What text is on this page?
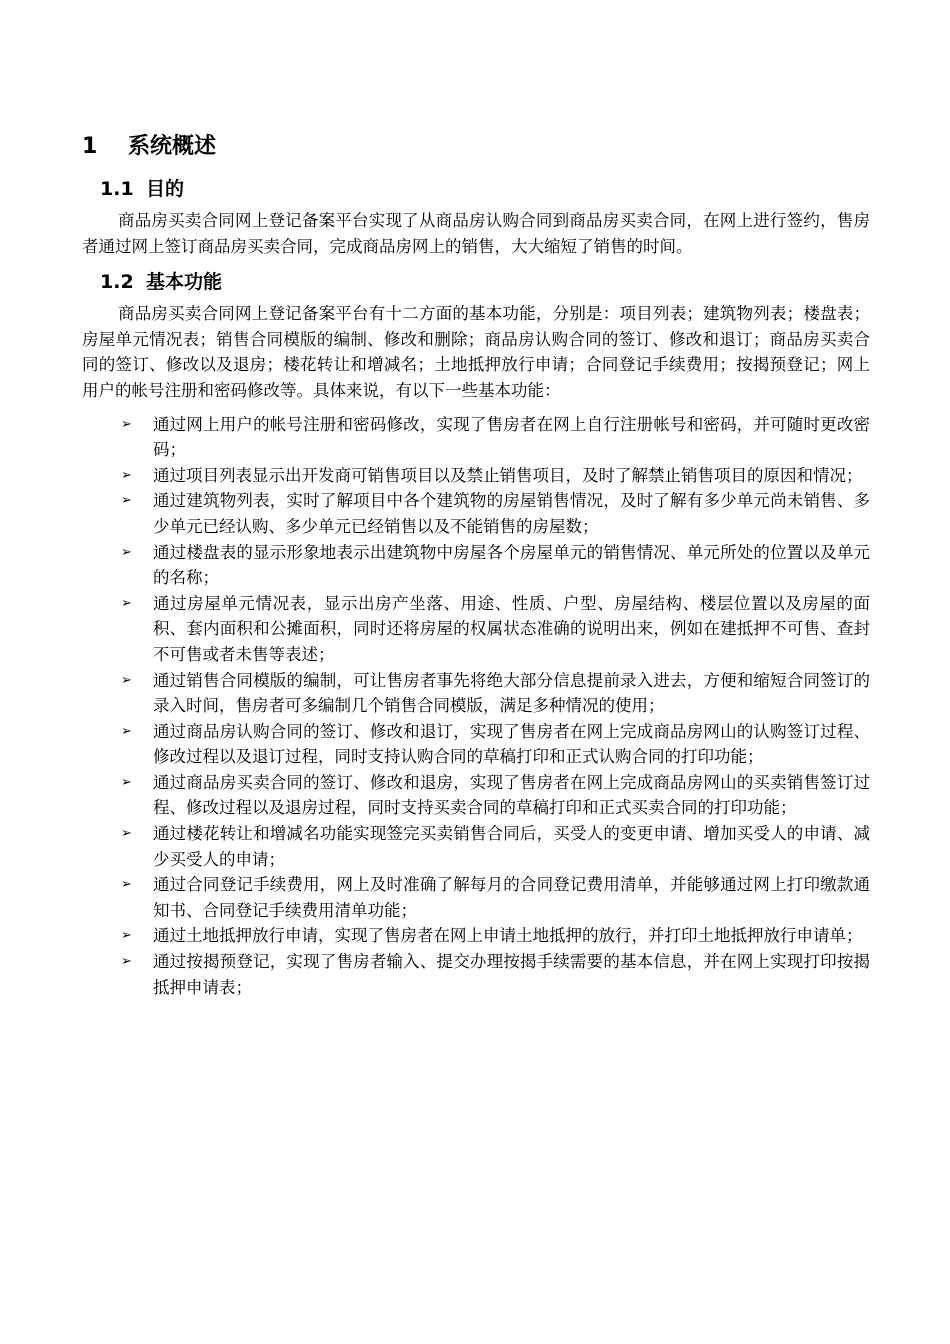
1 系统概述
1.1 目的

商品房买卖合同网上登记备案平台实现了从商品房认购合同到商品房买卖合同，在网上进行签约，售房者通过网上签订商品房买卖合同，完成商品房网上的销售，大大缩短了销售的时间。

1.2 基本功能

商品房买卖合同网上登记备案平台有十二方面的基本功能，分别是：项目列表；建筑物列表；楼盘表；房屋单元情况表；销售合同模版的编制、修改和删除；商品房认购合同的签订、修改和退订；商品房买卖合同的签订、修改以及退房；楼花转让和增减名；土地抵押放行申请；合同登记手续费用；按揭预登记；网上用户的帐号注册和密码修改等。具体来说，有以下一些基本功能：

➢ 通过网上用户的帐号注册和密码修改，实现了售房者在网上自行注册帐号和密码，并可随时更改密码；
➢ 通过项目列表显示出开发商可销售项目以及禁止销售项目，及时了解禁止销售项目的原因和情况；
➢ 通过建筑物列表，实时了解项目中各个建筑物的房屋销售情况，及时了解有多少单元尚未销售、多少单元已经认购、多少单元已经销售以及不能销售的房屋数；
➢ 通过楼盘表的显示形象地表示出建筑物中房屋各个房屋单元的销售情况、单元所处的位置以及单元的名称；
➢ 通过房屋单元情况表，显示出房产坐落、用途、性质、户型、房屋结构、楼层位置以及房屋的面积、套内面积和公摊面积，同时还将房屋的权属状态准确的说明出来，例如在建抵押不可售、查封不可售或者未售等表述；
➢ 通过销售合同模版的编制，可让售房者事先将绝大部分信息提前录入进去，方便和缩短合同签订的录入时间，售房者可多编制几个销售合同模版，满足多种情况的使用；
➢ 通过商品房认购合同的签订、修改和退订，实现了售房者在网上完成商品房网山的认购签订过程、修改过程以及退订过程，同时支持认购合同的草稿打印和正式认购合同的打印功能；
➢ 通过商品房买卖合同的签订、修改和退房，实现了售房者在网上完成商品房网山的买卖销售签订过程、修改过程以及退房过程，同时支持买卖合同的草稿打印和正式买卖合同的打印功能；
➢ 通过楼花转让和增减名功能实现签完买卖销售合同后，买受人的变更申请、增加买受人的申请、减少买受人的申请；
➢ 通过合同登记手续费用，网上及时准确了解每月的合同登记费用清单，并能够通过网上打印缴款通知书、合同登记手续费用清单功能；
➢ 通过土地抵押放行申请，实现了售房者在网上申请土地抵押的放行，并打印土地抵押放行申请单；
➢ 通过按揭预登记，实现了售房者输入、提交办理按揭手续需要的基本信息，并在网上实现打印按揭抵押申请表；
